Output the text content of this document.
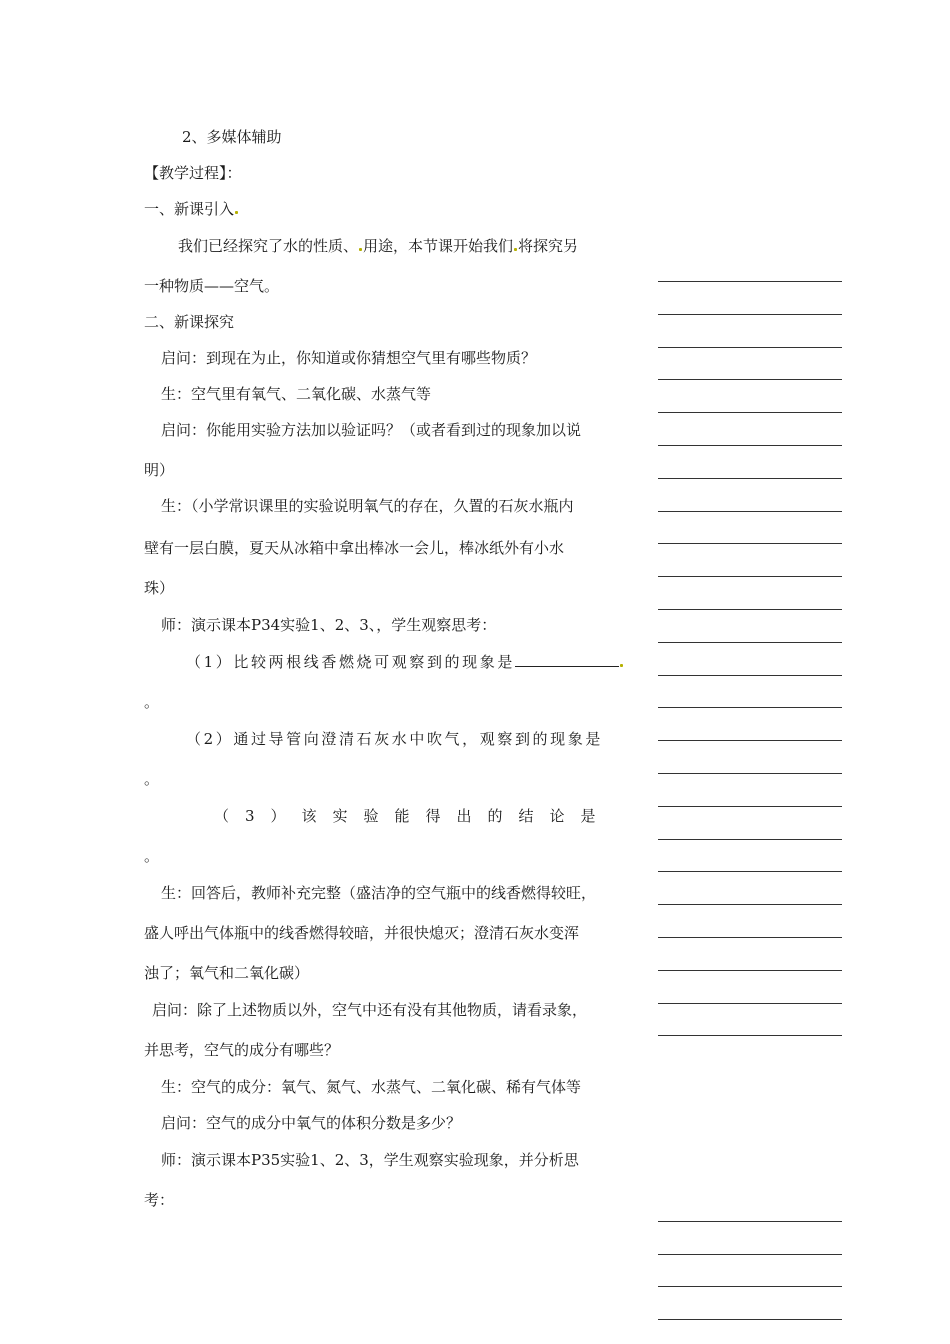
2、多媒体辅助
【教学过程】：
一、新课引入
我们已经探究了水的性质、 用途，本节课开始我们 将探究另
一种物质——空气。
二、新课探究
启问：到现在为止，你知道或你猜想空气里有哪些物质？
生：空气里有氧气、二氧化碳、水蒸气等
启问：你能用实验方法加以验证吗？（或者看到过的现象加以说
明）
生：（小学常识课里的实验说明氧气的存在，久置的石灰水瓶内
壁有一层白膜，夏天从冰箱中拿出棒冰一会儿，棒冰纸外有小水
珠）
师：演示课本P34实验1、2、3、，学生观察思考：
（1）比较两根线香燃烧可观察到的现象是
。
（2）通过导管向澄清石灰水中吹气，观察到的现象是
。
（3）该实验能得出的结论是
。
生：回答后，教师补充完整（盛洁净的空气瓶中的线香燃得较旺，
盛人呼出气体瓶中的线香燃得较暗，并很快熄灭；澄清石灰水变浑
浊了；氧气和二氧化碳）
启问：除了上述物质以外，空气中还有没有其他物质，请看录象，
并思考，空气的成分有哪些？
生：空气的成分：氧气、氮气、水蒸气、二氧化碳、稀有气体等
启问：空气的成分中氧气的体积分数是多少？
师：演示课本P35实验1、2、3，学生观察实验现象，并分析思
考：
